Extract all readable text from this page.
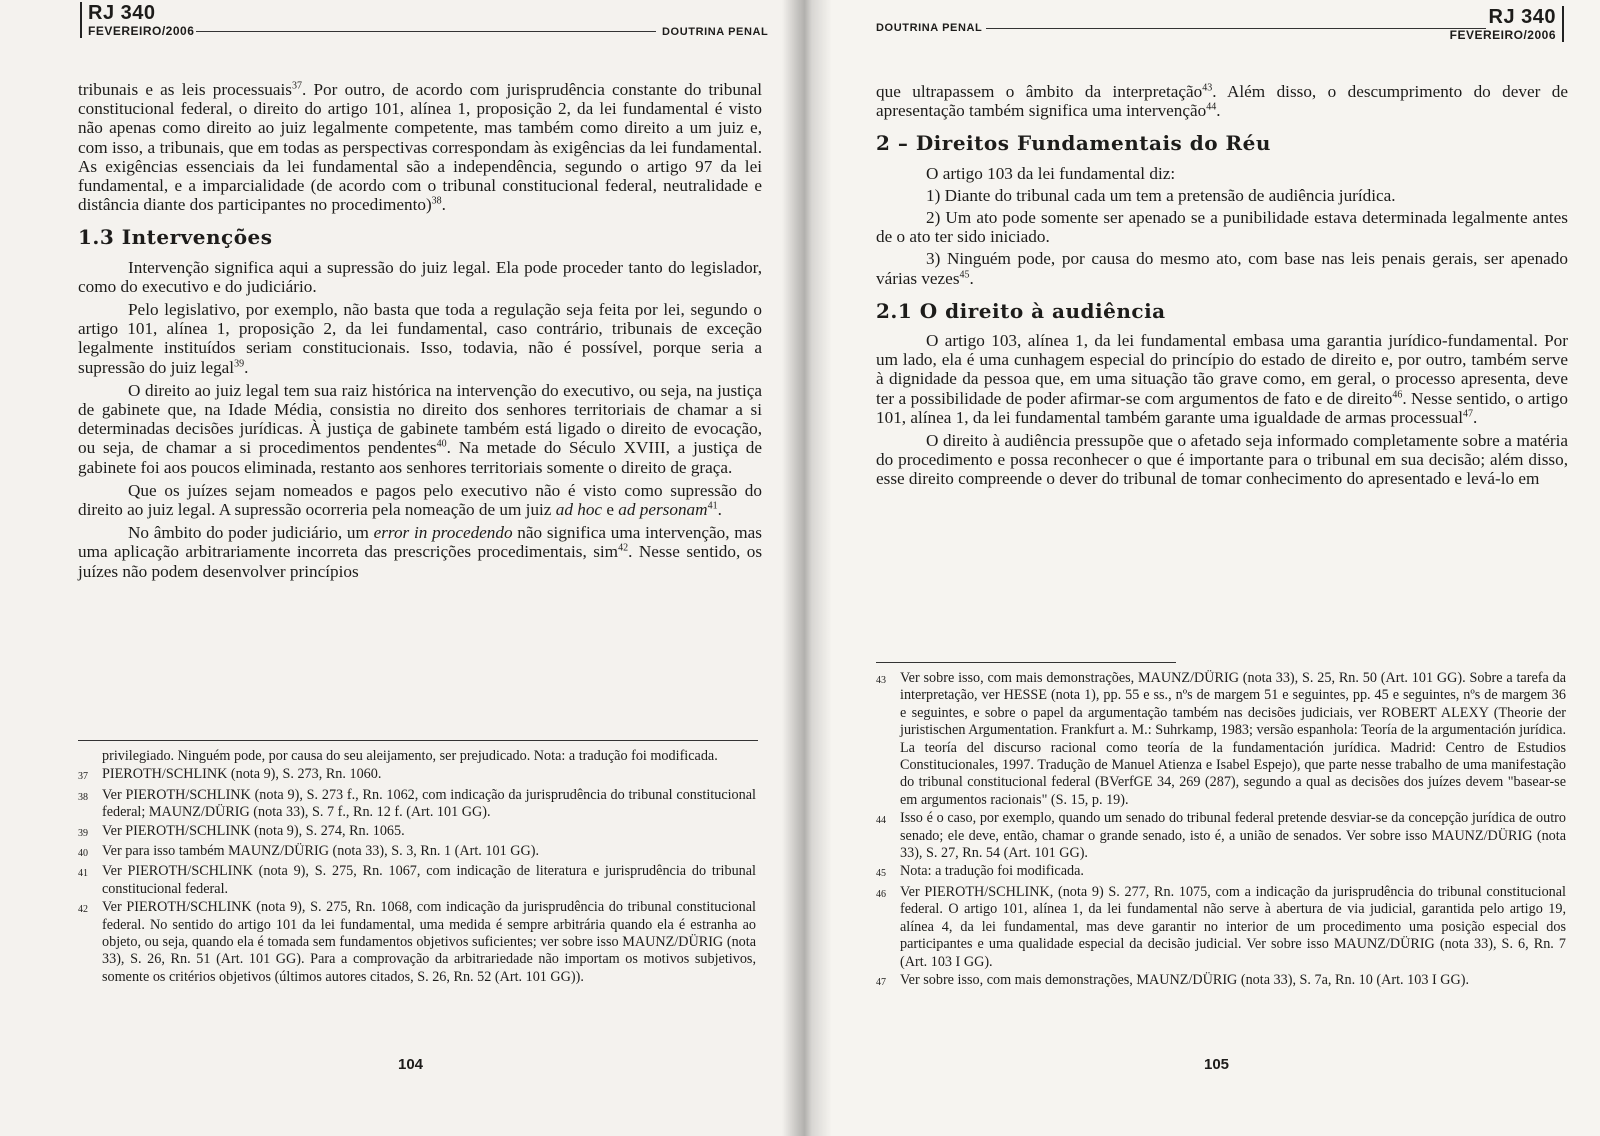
RJ 340
FEVEREIRO/2006	DOUTRINA PENAL

tribunais e as leis processuais$^{37}$. Por outro, de acordo com jurisprudência constante do tribunal constitucional federal, o direito do artigo 101, alínea 1, proposição 2, da lei fundamental é visto não apenas como direito ao juiz legalmente competente, mas também como direito a um juiz e, com isso, a tribunais, que em todas as perspectivas correspondam às exigências da lei fundamental. As exigências essenciais da lei fundamental são a independência, segundo o artigo 97 da lei fundamental, e a imparcialidade (de acordo com o tribunal constitucional federal, neutralidade e distância diante dos participantes no procedimento)$^{38}$.

1.3 Intervenções

Intervenção significa aqui a supressão do juiz legal. Ela pode proceder tanto do legislador, como do executivo e do judiciário.

Pelo legislativo, por exemplo, não basta que toda a regulação seja feita por lei, segundo o artigo 101, alínea 1, proposição 2, da lei fundamental, caso contrário, tribunais de exceção legalmente instituídos seriam constitucionais. Isso, todavia, não é possível, porque seria a supressão do juiz legal$^{39}$.

O direito ao juiz legal tem sua raiz histórica na intervenção do executivo, ou seja, na justiça de gabinete que, na Idade Média, consistia no direito dos senhores territoriais de chamar a si determinadas decisões jurídicas. À justiça de gabinete também está ligado o direito de evocação, ou seja, de chamar a si procedimentos pendentes$^{40}$. Na metade do Século XVIII, a justiça de gabinete foi aos poucos eliminada, restanto aos senhores territoriais somente o direito de graça.

Que os juízes sejam nomeados e pagos pelo executivo não é visto como supressão do direito ao juiz legal. A supressão ocorreria pela nomeação de um juiz ad hoc e ad personam$^{41}$.

No âmbito do poder judiciário, um error in procedendo não significa uma intervenção, mas uma aplicação arbitrariamente incorreta das prescrições procedimentais, sim$^{42}$. Nesse sentido, os juízes não podem desenvolver princípios

privilegiado. Ninguém pode, por causa do seu aleijamento, ser prejudicado. Nota: a tradução foi modificada.
37 PIEROTH/SCHLINK (nota 9), S. 273, Rn. 1060.
38 Ver PIEROTH/SCHLINK (nota 9), S. 273 f., Rn. 1062, com indicação da jurisprudência do tribunal constitucional federal; MAUNZ/DÜRIG (nota 33), S. 7 f., Rn. 12 f. (Art. 101 GG).
39 Ver PIEROTH/SCHLINK (nota 9), S. 274, Rn. 1065.
40 Ver para isso também MAUNZ/DÜRIG (nota 33), S. 3, Rn. 1 (Art. 101 GG).
41 Ver PIEROTH/SCHLINK (nota 9), S. 275, Rn. 1067, com indicação de literatura e jurisprudência do tribunal constitucional federal.
42 Ver PIEROTH/SCHLINK (nota 9), S. 275, Rn. 1068, com indicação da jurisprudência do tribunal constitucional federal. No sentido do artigo 101 da lei fundamental, uma medida é sempre arbitrária quando ela é estranha ao objeto, ou seja, quando ela é tomada sem fundamentos objetivos suficientes; ver sobre isso MAUNZ/DÜRIG (nota 33), S. 26, Rn. 51 (Art. 101 GG). Para a comprovação da arbitrariedade não importam os motivos subjetivos, somente os critérios objetivos (últimos autores citados, S. 26, Rn. 52 (Art. 101 GG)).
104
DOUTRINA PENAL	RJ 340
FEVEREIRO/2006

que ultrapassem o âmbito da interpretação$^{43}$. Além disso, o descumprimento do dever de apresentação também significa uma intervenção$^{44}$.

2 – Direitos Fundamentais do Réu

O artigo 103 da lei fundamental diz:

1) Diante do tribunal cada um tem a pretensão de audiência jurídica.

2) Um ato pode somente ser apenado se a punibilidade estava determinada legalmente antes de o ato ter sido iniciado.

3) Ninguém pode, por causa do mesmo ato, com base nas leis penais gerais, ser apenado várias vezes$^{45}$.

2.1 O direito à audiência

O artigo 103, alínea 1, da lei fundamental embasa uma garantia jurídico-fundamental. Por um lado, ela é uma cunhagem especial do princípio do estado de direito e, por outro, também serve à dignidade da pessoa que, em uma situação tão grave como, em geral, o processo apresenta, deve ter a possibilidade de poder afirmar-se com argumentos de fato e de direito$^{46}$. Nesse sentido, o artigo 101, alínea 1, da lei fundamental também garante uma igualdade de armas processual$^{47}$.

O direito à audiência pressupõe que o afetado seja informado completamente sobre a matéria do procedimento e possa reconhecer o que é importante para o tribunal em sua decisão; além disso, esse direito compreende o dever do tribunal de tomar conhecimento do apresentado e levá-lo em

43 Ver sobre isso, com mais demonstrações, MAUNZ/DÜRIG (nota 33), S. 25, Rn. 50 (Art. 101 GG). Sobre a tarefa da interpretação, ver HESSE (nota 1), pp. 55 e ss., nºs de margem 51 e seguintes, pp. 45 e seguintes, nºs de margem 36 e seguintes, e sobre o papel da argumentação também nas decisões judiciais, ver ROBERT ALEXY (Theorie der juristischen Argumentation. Frankfurt a. M.: Suhrkamp, 1983; versão espanhola: Teoría de la argumentación jurídica. La teoría del discurso racional como teoría de la fundamentación jurídica. Madrid: Centro de Estudios Constitucionales, 1997. Tradução de Manuel Atienza e Isabel Espejo), que parte nesse trabalho de uma manifestação do tribunal constitucional federal (BVerfGE 34, 269 (287), segundo a qual as decisões dos juízes devem "basear-se em argumentos racionais" (S. 15, p. 19).
44 Isso é o caso, por exemplo, quando um senado do tribunal federal pretende desviar-se da concepção jurídica de outro senado; ele deve, então, chamar o grande senado, isto é, a união de senados. Ver sobre isso MAUNZ/DÜRIG (nota 33), S. 27, Rn. 54 (Art. 101 GG).
45 Nota: a tradução foi modificada.
46 Ver PIEROTH/SCHLINK, (nota 9) S. 277, Rn. 1075, com a indicação da jurisprudência do tribunal constitucional federal. O artigo 101, alínea 1, da lei fundamental não serve à abertura de via judicial, garantida pelo artigo 19, alínea 4, da lei fundamental, mas deve garantir no interior de um procedimento uma posição especial dos participantes e uma qualidade especial da decisão judicial. Ver sobre isso MAUNZ/DÜRIG (nota 33), S. 6, Rn. 7 (Art. 103 I GG).
47 Ver sobre isso, com mais demonstrações, MAUNZ/DÜRIG (nota 33), S. 7a, Rn. 10 (Art. 103 I GG).
105
